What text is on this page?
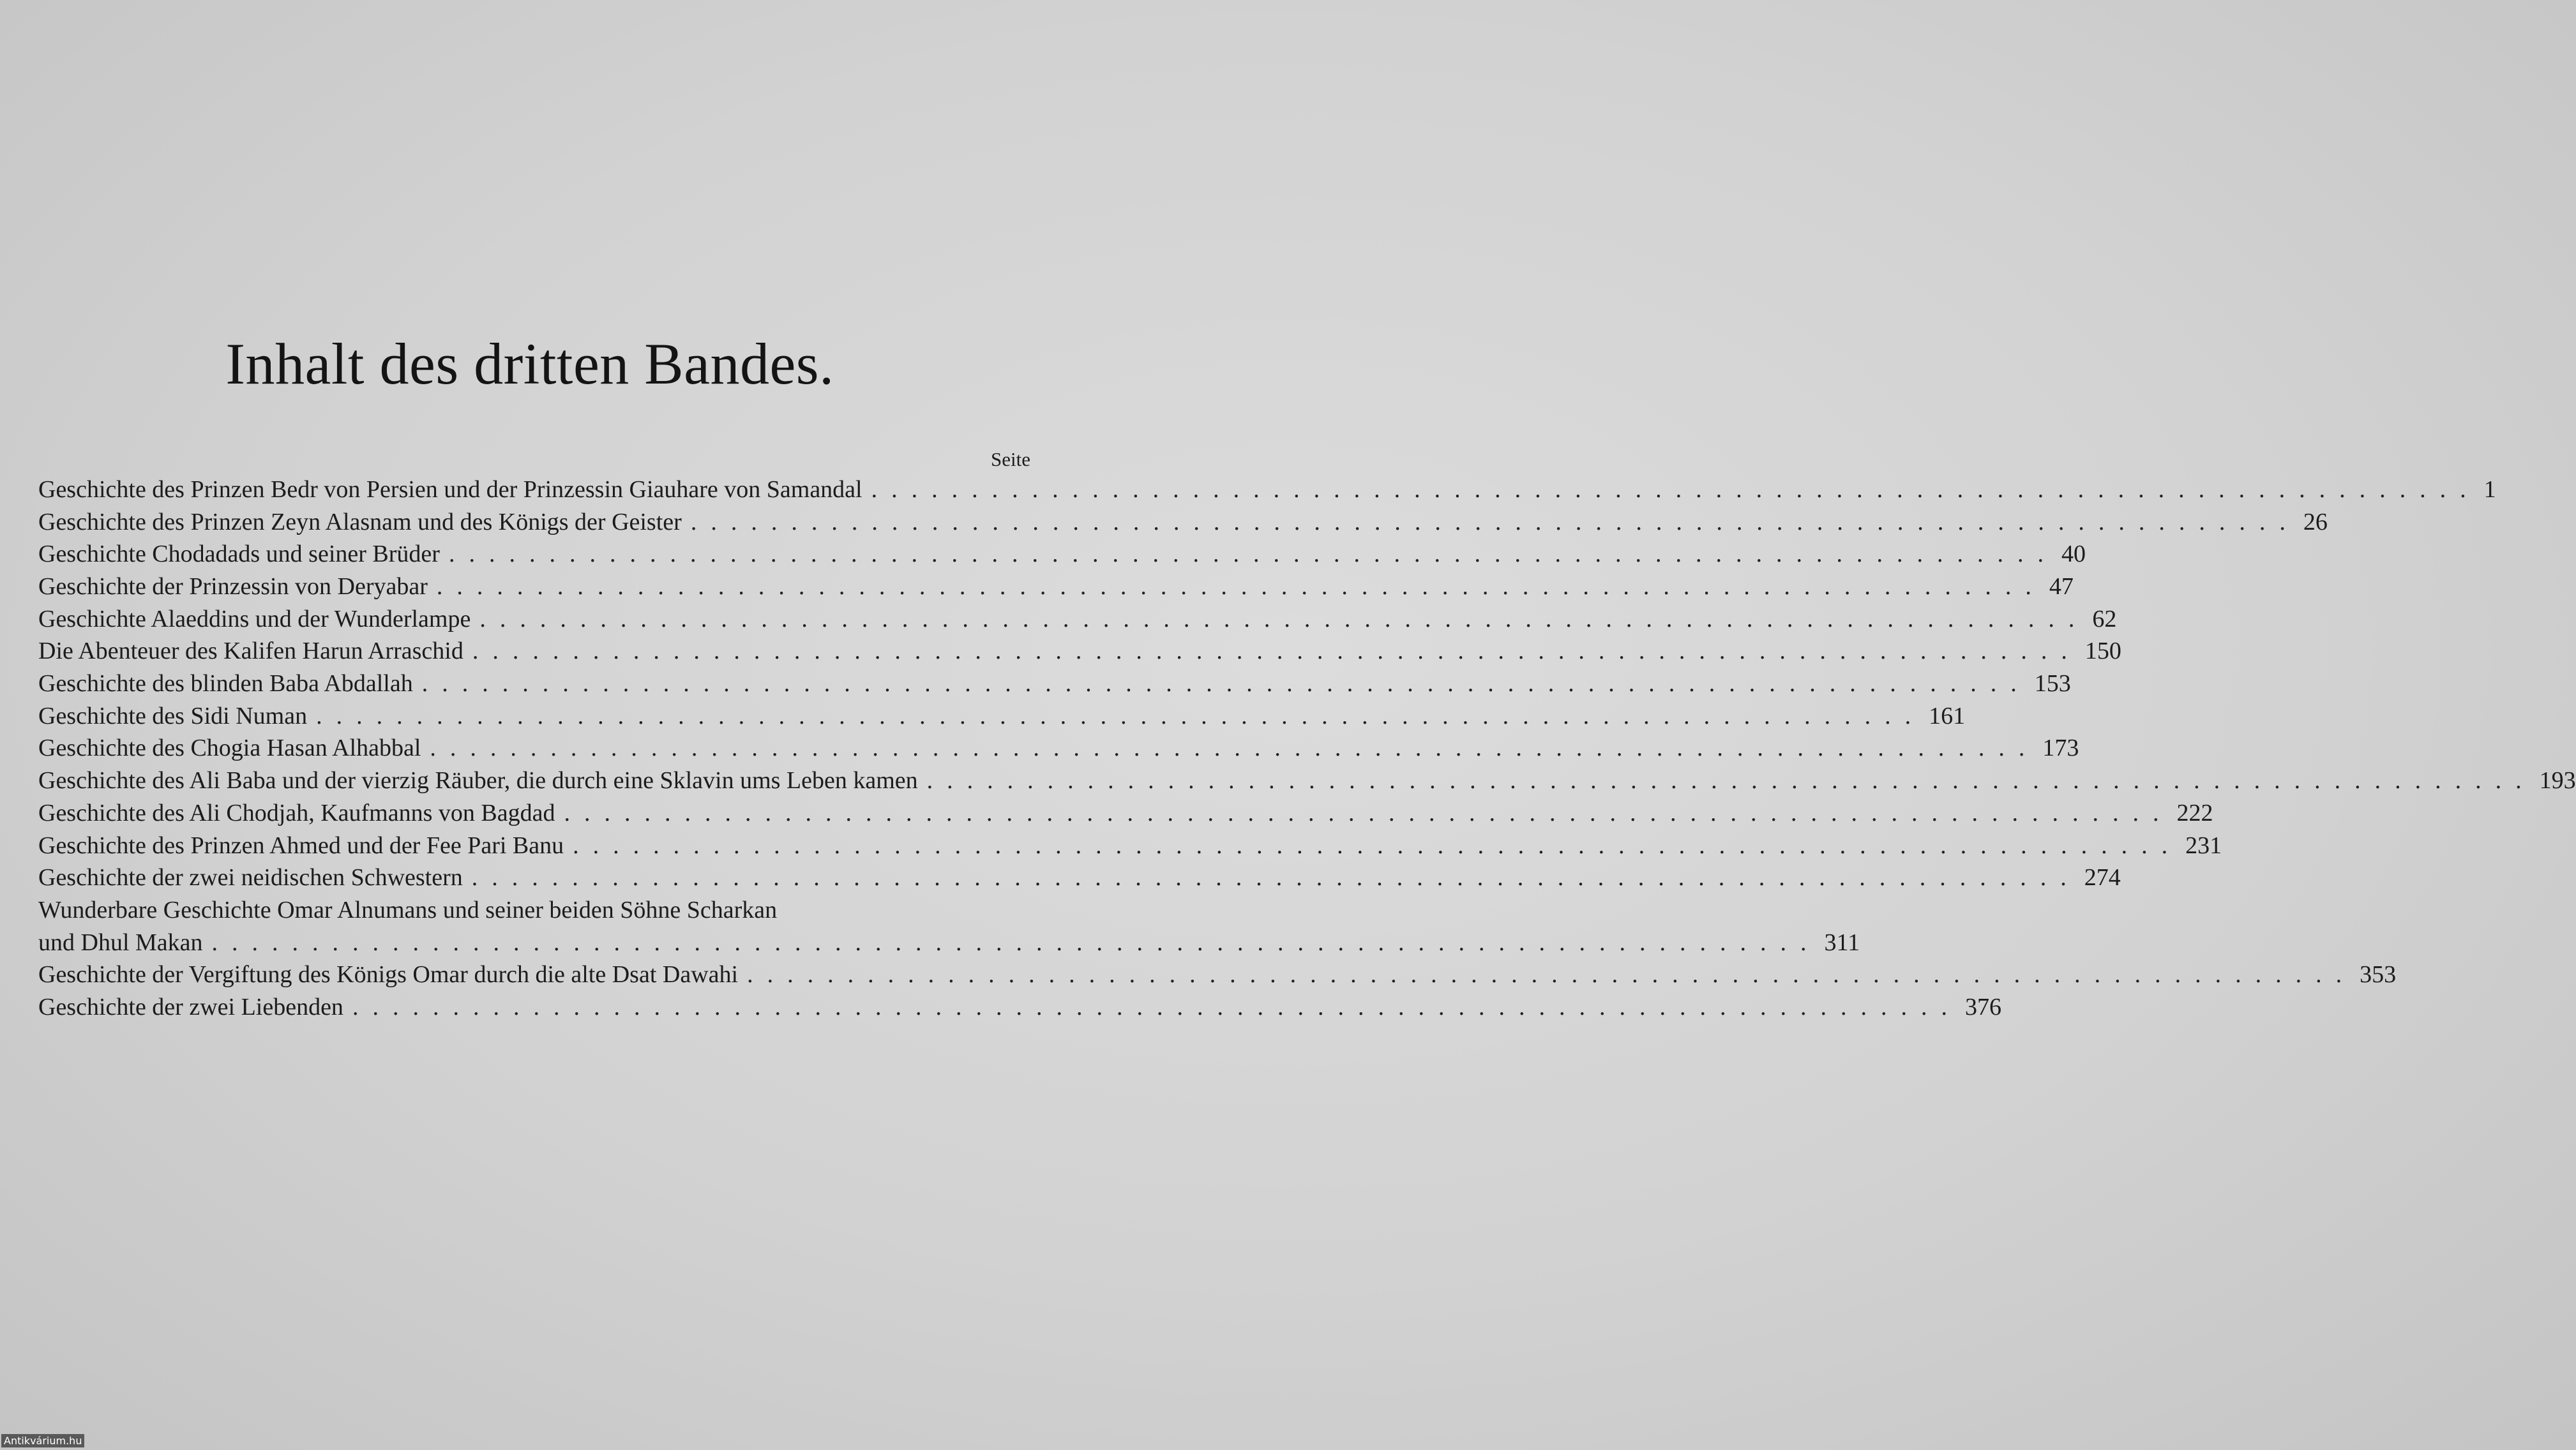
Inhalt des dritten Bandes.
Seite
Geschichte des Prinzen Bedr von Persien und der Prinzessin Giauhare von Samandal ................................................................................ 1
Geschichte des Prinzen Zeyn Alasnam und des Königs der Geister ................................................................................ 26
Geschichte Chodadads und seiner Brüder ................................................................................ 40
Geschichte der Prinzessin von Deryabar ................................................................................ 47
Geschichte Alaeddins und der Wunderlampe ................................................................................ 62
Die Abenteuer des Kalifen Harun Arraschid ................................................................................ 150
Geschichte des blinden Baba Abdallah ................................................................................ 153
Geschichte des Sidi Numan ................................................................................ 161
Geschichte des Chogia Hasan Alhabbal ................................................................................ 173
Geschichte des Ali Baba und der vierzig Räuber, die durch eine Sklavin ums Leben kamen ................................................................................ 193
Geschichte des Ali Chodjah, Kaufmanns von Bagdad ................................................................................ 222
Geschichte des Prinzen Ahmed und der Fee Pari Banu ................................................................................ 231
Geschichte der zwei neidischen Schwestern ................................................................................ 274
Wunderbare Geschichte Omar Alnumans und seiner beiden Söhne Scharkan
und Dhul Makan ................................................................................ 311
Geschichte der Vergiftung des Königs Omar durch die alte Dsat Dawahi ................................................................................ 353
Geschichte der zwei Liebenden ................................................................................ 376
Antikvárium.hu
